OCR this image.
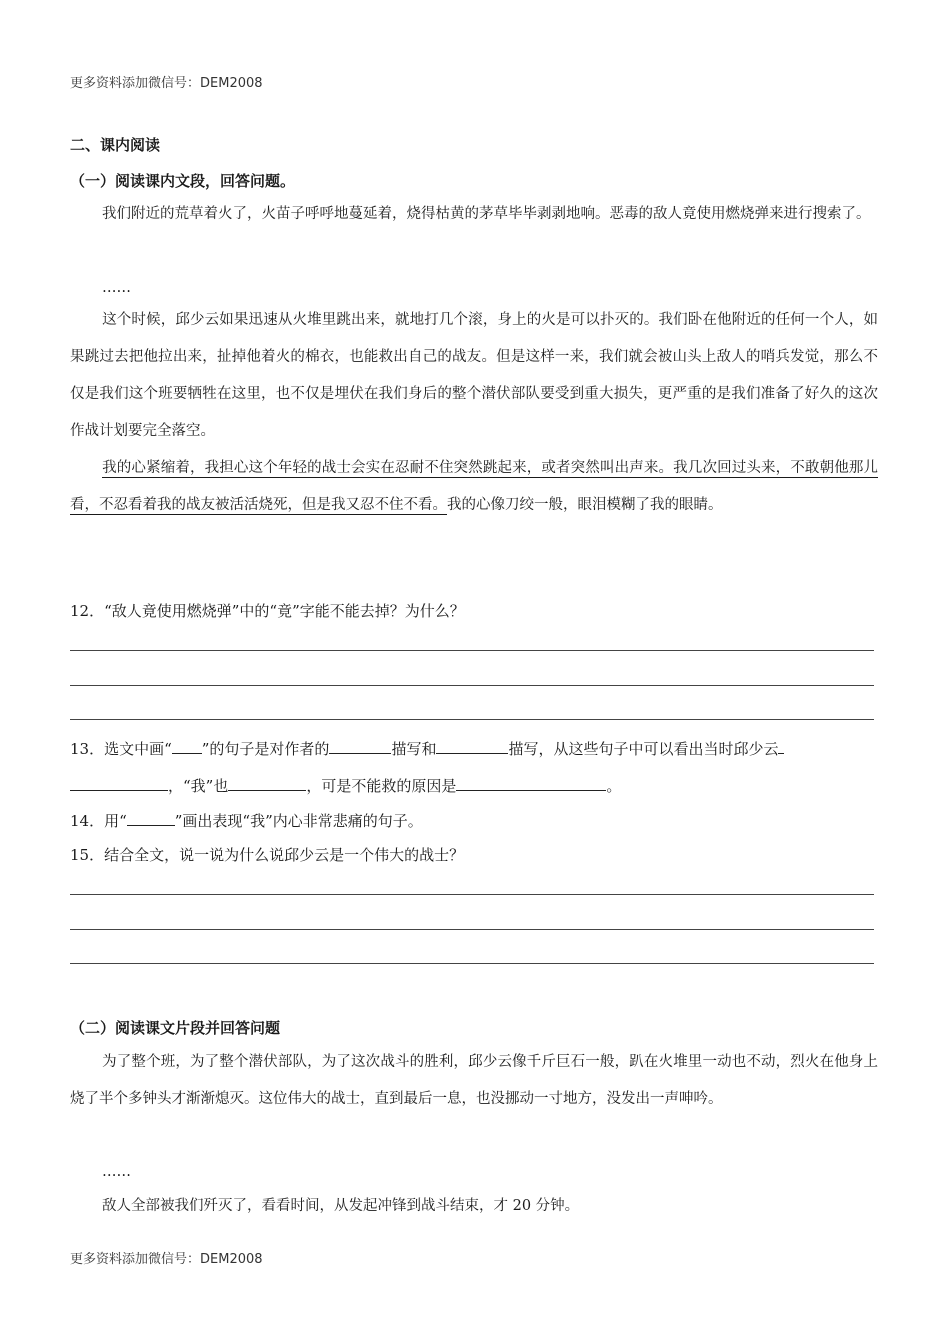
更多资料添加微信号：DEM2008
二、课内阅读
（一）阅读课内文段，回答问题。
我们附近的荒草着火了，火苗子呼呼地蔓延着，烧得枯黄的茅草毕毕剥剥地响。恶毒的敌人竟使用燃烧弹来进行搜索了。
……
这个时候，邱少云如果迅速从火堆里跳出来，就地打几个滚，身上的火是可以扑灭的。我们卧在他附近的任何一个人，如果跳过去把他拉出来，扯掉他着火的棉衣，也能救出自己的战友。但是这样一来，我们就会被山头上敌人的哨兵发觉，那么不仅是我们这个班要牺牲在这里，也不仅是埋伏在我们身后的整个潜伏部队要受到重大损失，更严重的是我们准备了好久的这次作战计划要完全落空。
我的心紧缩着，我担心这个年轻的战士会实在忍耐不住突然跳起来，或者突然叫出声来。我几次回过头来，不敢朝他那儿看，不忍看着我的战友被活活烧死，但是我又忍不住不看。我的心像刀绞一般，眼泪模糊了我的眼睛。
12．“敌人竟使用燃烧弹”中的“竟”字能不能去掉？为什么？
13．选文中画“ ”的句子是对作者的	描写和	描写，从这些句子中可以看出当时邱少云
，“我”也	，可是不能救的原因是	。
14．用“	”画出表现“我”内心非常悲痛的句子。
15．结合全文，说一说为什么说邱少云是一个伟大的战士？
（二）阅读课文片段并回答问题
为了整个班，为了整个潜伏部队，为了这次战斗的胜利，邱少云像千斤巨石一般，趴在火堆里一动也不动，烈火在他身上烧了半个多钟头才渐渐熄灭。这位伟大的战士，直到最后一息，也没挪动一寸地方，没发出一声呻吟。
……
敌人全部被我们歼灭了，看看时间，从发起冲锋到战斗结束，才 20 分钟。
更多资料添加微信号：DEM2008
